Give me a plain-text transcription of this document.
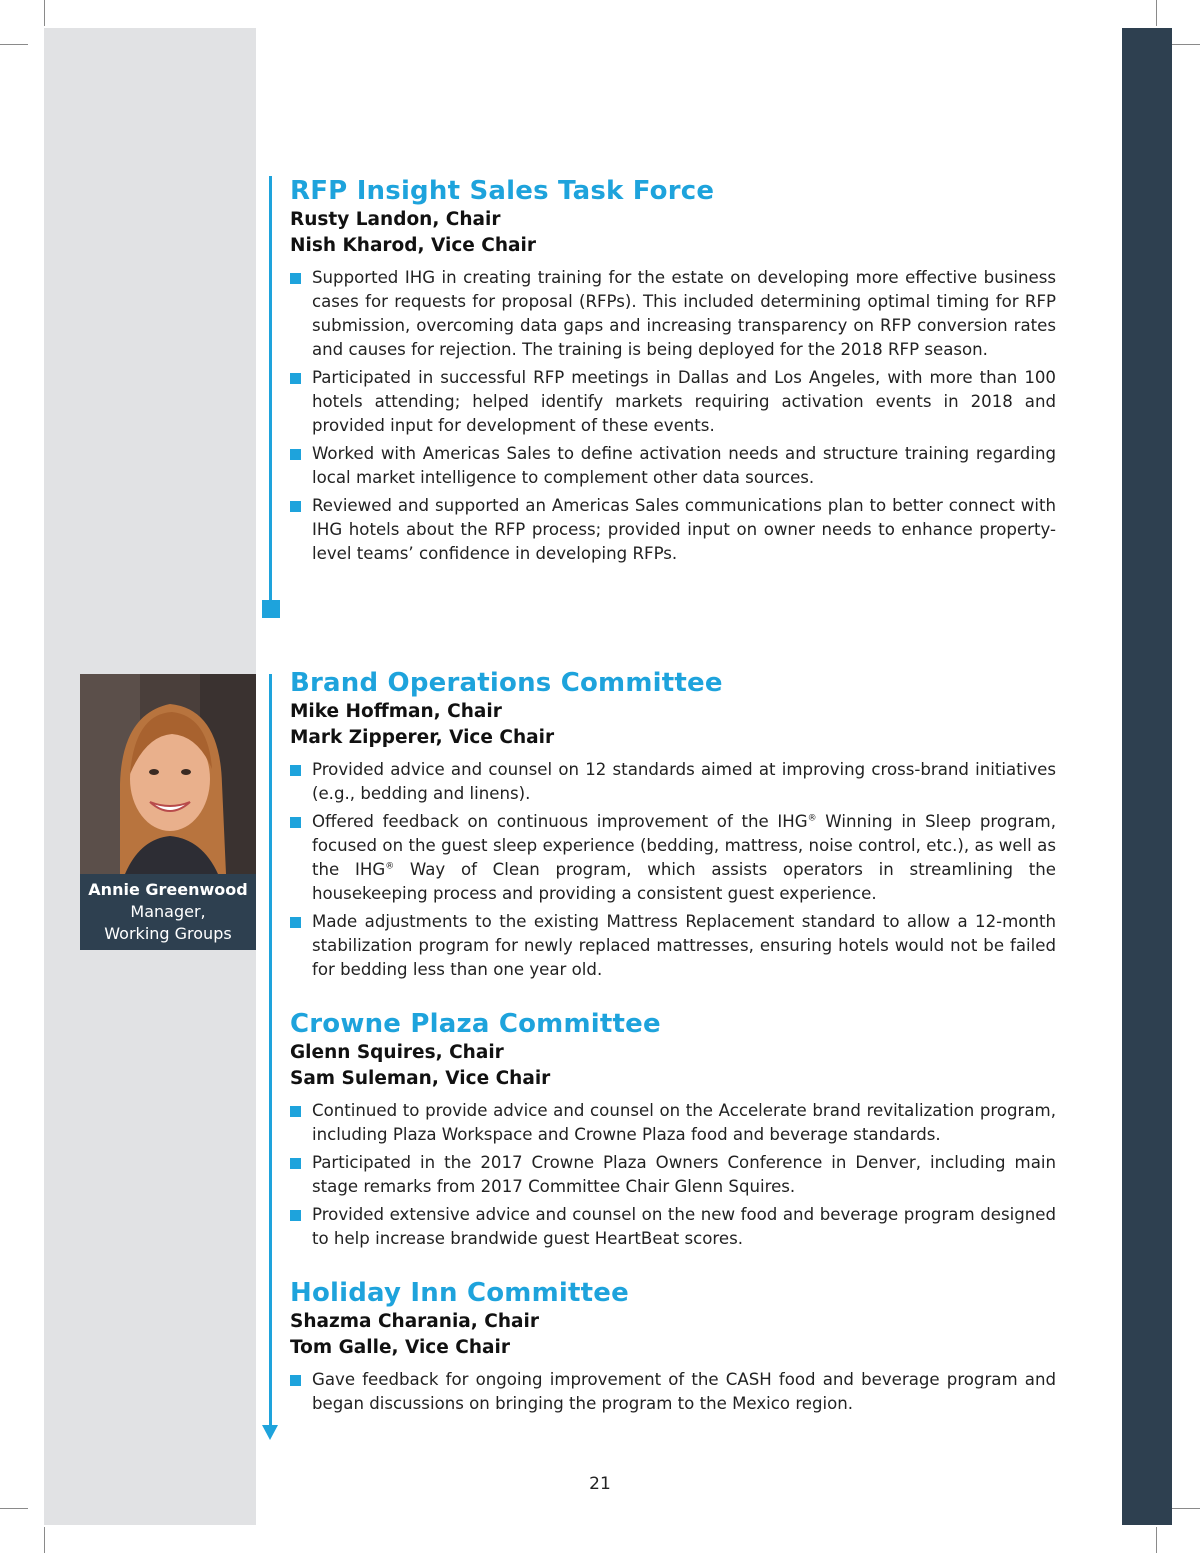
Annie Greenwood
Manager,
Working Groups
RFP Insight Sales Task Force

Rusty Landon, Chair

Nish Kharod, Vice Chair

Supported IHG in creating training for the estate on developing more effective business cases for requests for proposal (RFPs). This included determining optimal timing for RFP submission, overcoming data gaps and increasing transparency on RFP conversion rates and causes for rejection. The training is being deployed for the 2018 RFP season.
Participated in successful RFP meetings in Dallas and Los Angeles, with more than 100 hotels attending; helped identify markets requiring activation events in 2018 and provided input for development of these events.
Worked with Americas Sales to define activation needs and structure training regarding local market intelligence to complement other data sources.
Reviewed and supported an Americas Sales communications plan to better connect with IHG hotels about the RFP process; provided input on owner needs to enhance property-level teams’ confidence in developing RFPs.
Brand Operations Committee

Mike Hoffman, Chair

Mark Zipperer, Vice Chair

Provided advice and counsel on 12 standards aimed at improving cross-brand initiatives (e.g., bedding and linens).
Offered feedback on continuous improvement of the IHG® Winning in Sleep program, focused on the guest sleep experience (bedding, mattress, noise control, etc.), as well as the IHG® Way of Clean program, which assists operators in streamlining the housekeeping process and providing a consistent guest experience.
Made adjustments to the existing Mattress Replacement standard to allow a 12-month stabilization program for newly replaced mattresses, ensuring hotels would not be failed for bedding less than one year old.
Crowne Plaza Committee

Glenn Squires, Chair

Sam Suleman, Vice Chair

Continued to provide advice and counsel on the Accelerate brand revitalization program, including Plaza Workspace and Crowne Plaza food and beverage standards.
Participated in the 2017 Crowne Plaza Owners Conference in Denver, including main stage remarks from 2017 Committee Chair Glenn Squires.
Provided extensive advice and counsel on the new food and beverage program designed to help increase brandwide guest HeartBeat scores.
Holiday Inn Committee

Shazma Charania, Chair

Tom Galle, Vice Chair

Gave feedback for ongoing improvement of the CASH food and beverage program and began discussions on bringing the program to the Mexico region.
21
